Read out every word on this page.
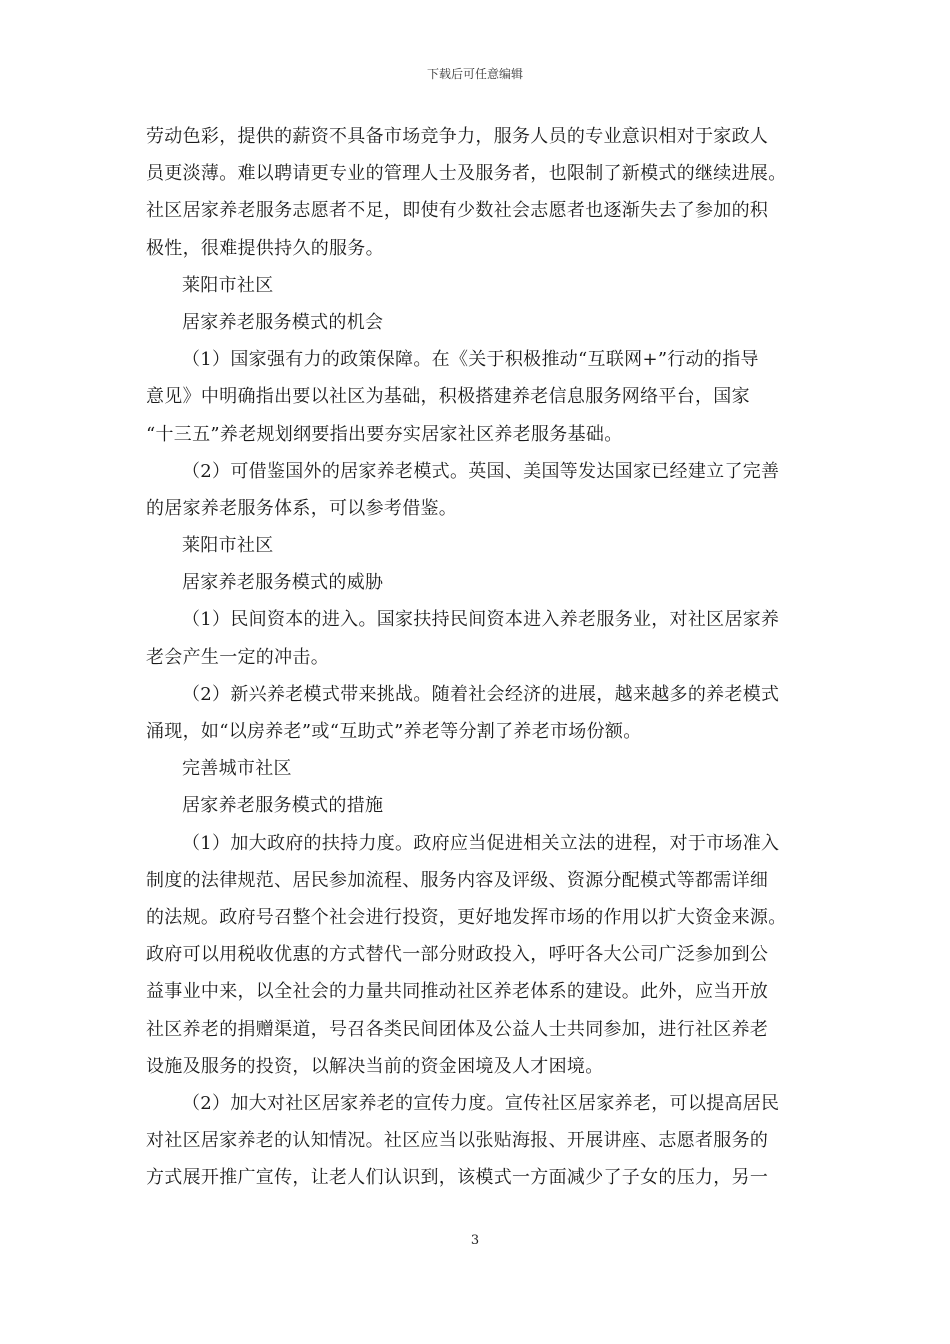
下载后可任意编辑
劳动色彩，提供的薪资不具备市场竞争力，服务人员的专业意识相对于家政人
员更淡薄。难以聘请更专业的管理人士及服务者，也限制了新模式的继续进展。
社区居家养老服务志愿者不足，即使有少数社会志愿者也逐渐失去了参加的积
极性，很难提供持久的服务。
莱阳市社区
居家养老服务模式的机会
（1）国家强有力的政策保障。在《关于积极推动“互联网+”行动的指导
意见》中明确指出要以社区为基础，积极搭建养老信息服务网络平台，国家
“十三五”养老规划纲要指出要夯实居家社区养老服务基础。
（2）可借鉴国外的居家养老模式。英国、美国等发达国家已经建立了完善
的居家养老服务体系，可以参考借鉴。
莱阳市社区
居家养老服务模式的威胁
（1）民间资本的进入。国家扶持民间资本进入养老服务业，对社区居家养
老会产生一定的冲击。
（2）新兴养老模式带来挑战。随着社会经济的进展，越来越多的养老模式
涌现，如“以房养老”或“互助式”养老等分割了养老市场份额。
完善城市社区
居家养老服务模式的措施
（1）加大政府的扶持力度。政府应当促进相关立法的进程，对于市场准入
制度的法律规范、居民参加流程、服务内容及评级、资源分配模式等都需详细
的法规。政府号召整个社会进行投资，更好地发挥市场的作用以扩大资金来源。
政府可以用税收优惠的方式替代一部分财政投入，呼吁各大公司广泛参加到公
益事业中来，以全社会的力量共同推动社区养老体系的建设。此外，应当开放
社区养老的捐赠渠道，号召各类民间团体及公益人士共同参加，进行社区养老
设施及服务的投资，以解决当前的资金困境及人才困境。
（2）加大对社区居家养老的宣传力度。宣传社区居家养老，可以提高居民
对社区居家养老的认知情况。社区应当以张贴海报、开展讲座、志愿者服务的
方式展开推广宣传，让老人们认识到，该模式一方面减少了子女的压力，另一
3
